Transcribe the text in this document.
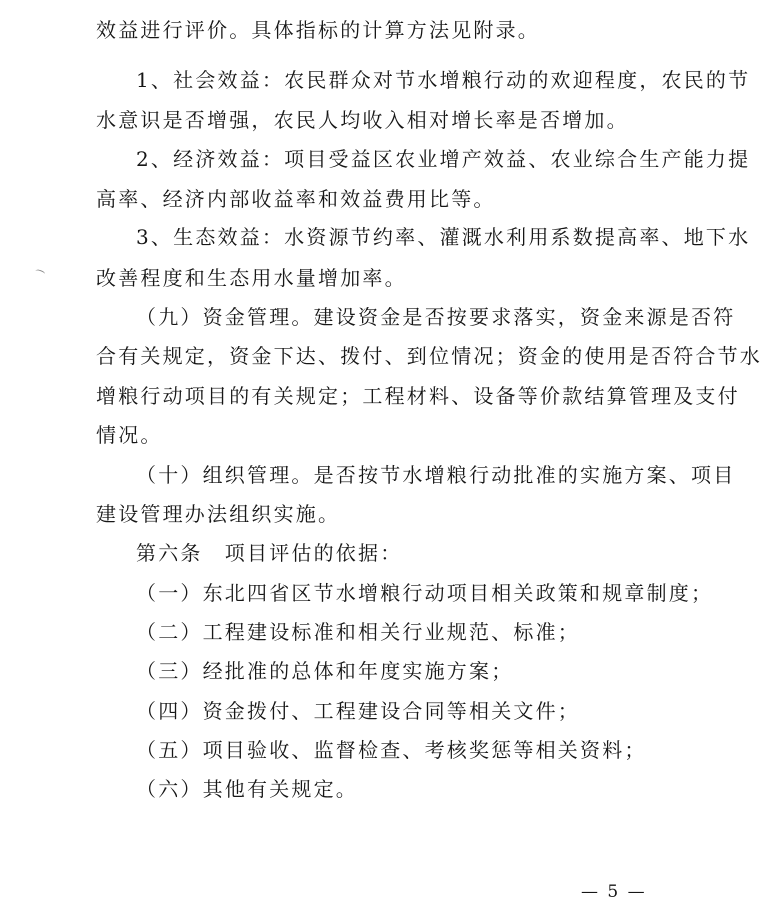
效益进行评价。具体指标的计算方法见附录。
1、社会效益：农民群众对节水增粮行动的欢迎程度，农民的节
水意识是否增强，农民人均收入相对增长率是否增加。
2、经济效益：项目受益区农业增产效益、农业综合生产能力提
高率、经济内部收益率和效益费用比等。
3、生态效益：水资源节约率、灌溉水利用系数提高率、地下水
改善程度和生态用水量增加率。
（九）资金管理。建设资金是否按要求落实，资金来源是否符
合有关规定，资金下达、拨付、到位情况；资金的使用是否符合节水
增粮行动项目的有关规定；工程材料、设备等价款结算管理及支付
情况。
（十）组织管理。是否按节水增粮行动批准的实施方案、项目
建设管理办法组织实施。
第六条　项目评估的依据：
（一）东北四省区节水增粮行动项目相关政策和规章制度；
（二）工程建设标准和相关行业规范、标准；
（三）经批准的总体和年度实施方案；
（四）资金拨付、工程建设合同等相关文件；
（五）项目验收、监督检查、考核奖惩等相关资料；
（六）其他有关规定。
— 5 —
